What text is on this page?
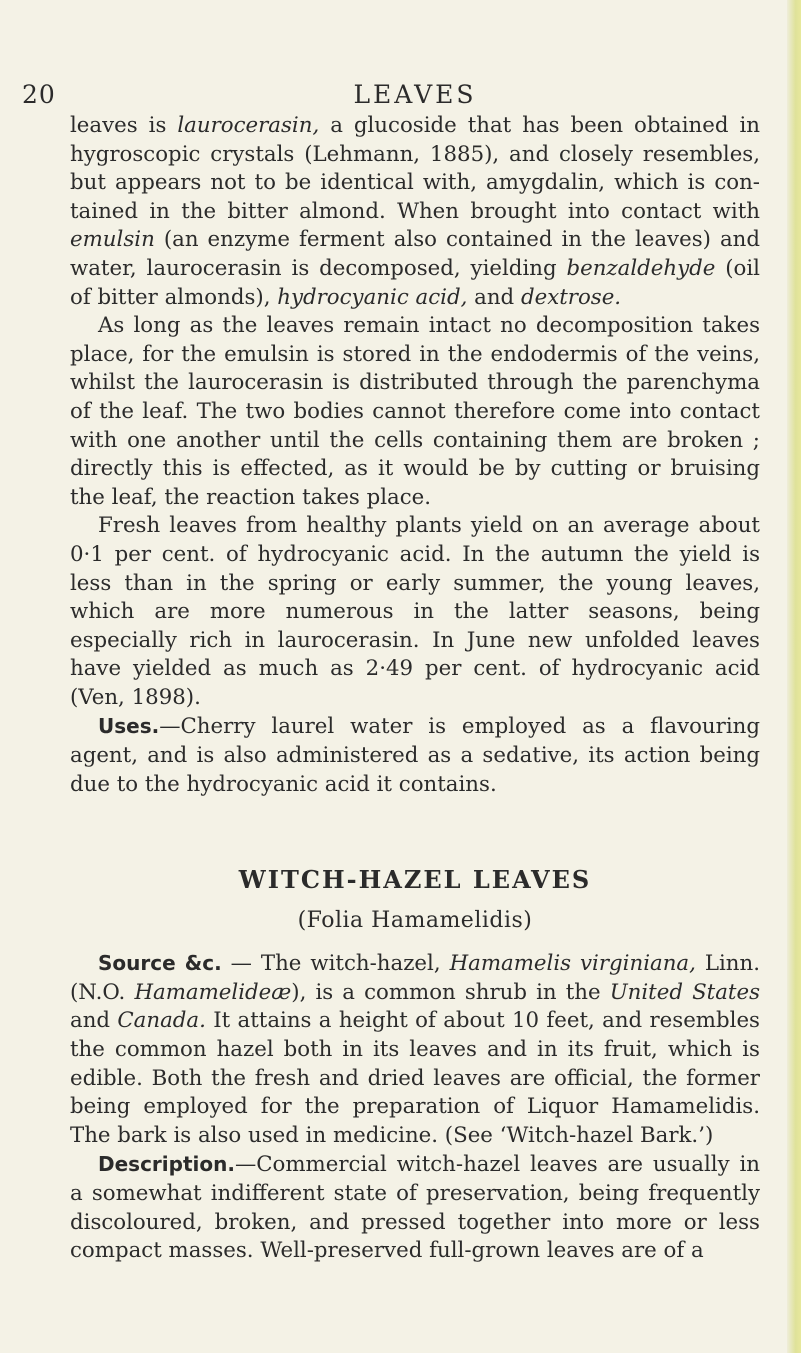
20	LEAVES

leaves is laurocerasin, a glucoside that has been obtained in hygroscopic crystals (Lehmann, 1885), and closely resembles, but appears not to be identical with, amygdalin, which is con-tained in the bitter almond. When brought into contact with emulsin (an enzyme ferment also contained in the leaves) and water, laurocerasin is decomposed, yielding benzaldehyde (oil of bitter almonds), hydrocyanic acid, and dextrose.

As long as the leaves remain intact no decomposition takes place, for the emulsin is stored in the endodermis of the veins, whilst the laurocerasin is distributed through the parenchyma of the leaf. The two bodies cannot therefore come into contact with one another until the cells containing them are broken ; directly this is effected, as it would be by cutting or bruising the leaf, the reaction takes place.

Fresh leaves from healthy plants yield on an average about 0·1 per cent. of hydrocyanic acid. In the autumn the yield is less than in the spring or early summer, the young leaves, which are more numerous in the latter seasons, being especially rich in laurocerasin. In June new unfolded leaves have yielded as much as 2·49 per cent. of hydrocyanic acid (Ven, 1898).

Uses.—Cherry laurel water is employed as a flavouring agent, and is also administered as a sedative, its action being due to the hydrocyanic acid it contains.

WITCH-HAZEL LEAVES
(Folia Hamamelidis)

Source &c. — The witch-hazel, Hamamelis virginiana, Linn. (N.O. Hamamelideæ), is a common shrub in the United States and Canada. It attains a height of about 10 feet, and resembles the common hazel both in its leaves and in its fruit, which is edible. Both the fresh and dried leaves are official, the former being employed for the preparation of Liquor Hamamelidis. The bark is also used in medicine. (See ‘Witch-hazel Bark.’)

Description.—Commercial witch-hazel leaves are usually in a somewhat indifferent state of preservation, being frequently discoloured, broken, and pressed together into more or less compact masses. Well-preserved full-grown leaves are of a
